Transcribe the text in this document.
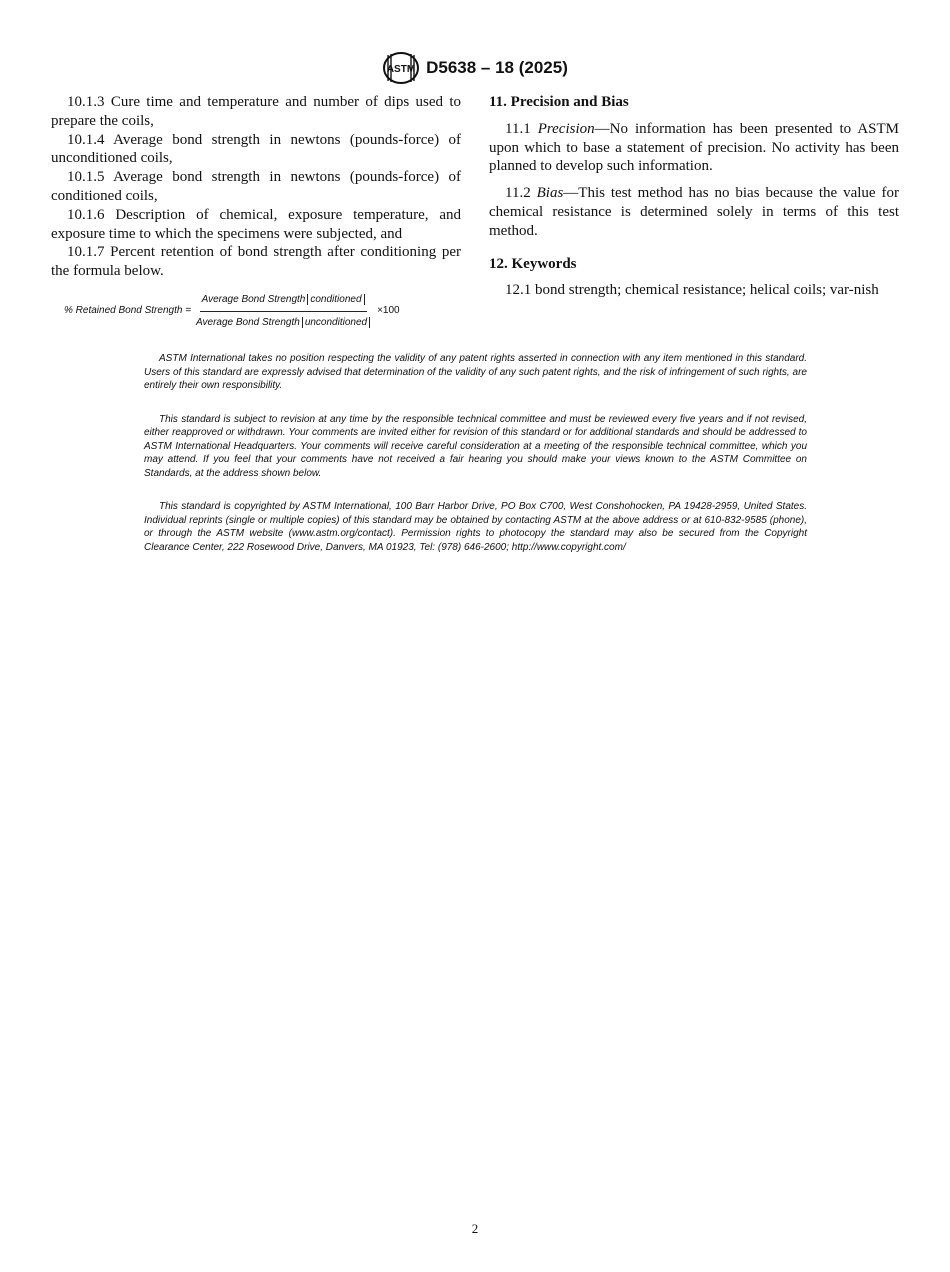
ASTM D5638 – 18 (2025)

10.1.3 Cure time and temperature and number of dips used to prepare the coils,

10.1.4 Average bond strength in newtons (pounds-force) of unconditioned coils,

10.1.5 Average bond strength in newtons (pounds-force) of conditioned coils,

10.1.6 Description of chemical, exposure temperature, and exposure time to which the specimens were subjected, and

10.1.7 Percent retention of bond strength after conditioning per the formula below.

% Retained Bond Strength = $\frac{\text{Average Bond Strength conditioned}}{\text{Average Bond Strength unconditioned}} \times 100$

11. Precision and Bias

11.1 Precision—No information has been presented to ASTM upon which to base a statement of precision. No activity has been planned to develop such information.

11.2 Bias—This test method has no bias because the value for chemical resistance is determined solely in terms of this test method.

12. Keywords

12.1 bond strength; chemical resistance; helical coils; var-nish

ASTM International takes no position respecting the validity of any patent rights asserted in connection with any item mentioned in this standard. Users of this standard are expressly advised that determination of the validity of any such patent rights, and the risk of infringement of such rights, are entirely their own responsibility.

This standard is subject to revision at any time by the responsible technical committee and must be reviewed every five years and if not revised, either reapproved or withdrawn. Your comments are invited either for revision of this standard or for additional standards and should be addressed to ASTM International Headquarters. Your comments will receive careful consideration at a meeting of the responsible technical committee, which you may attend. If you feel that your comments have not received a fair hearing you should make your views known to the ASTM Committee on Standards, at the address shown below.

This standard is copyrighted by ASTM International, 100 Barr Harbor Drive, PO Box C700, West Conshohocken, PA 19428-2959, United States. Individual reprints (single or multiple copies) of this standard may be obtained by contacting ASTM at the above address or at 610-832-9585 (phone), or through the ASTM website (www.astm.org/contact). Permission rights to photocopy the standard may also be secured from the Copyright Clearance Center, 222 Rosewood Drive, Danvers, MA 01923, Tel: (978) 646-2600; http://www.copyright.com/

2
